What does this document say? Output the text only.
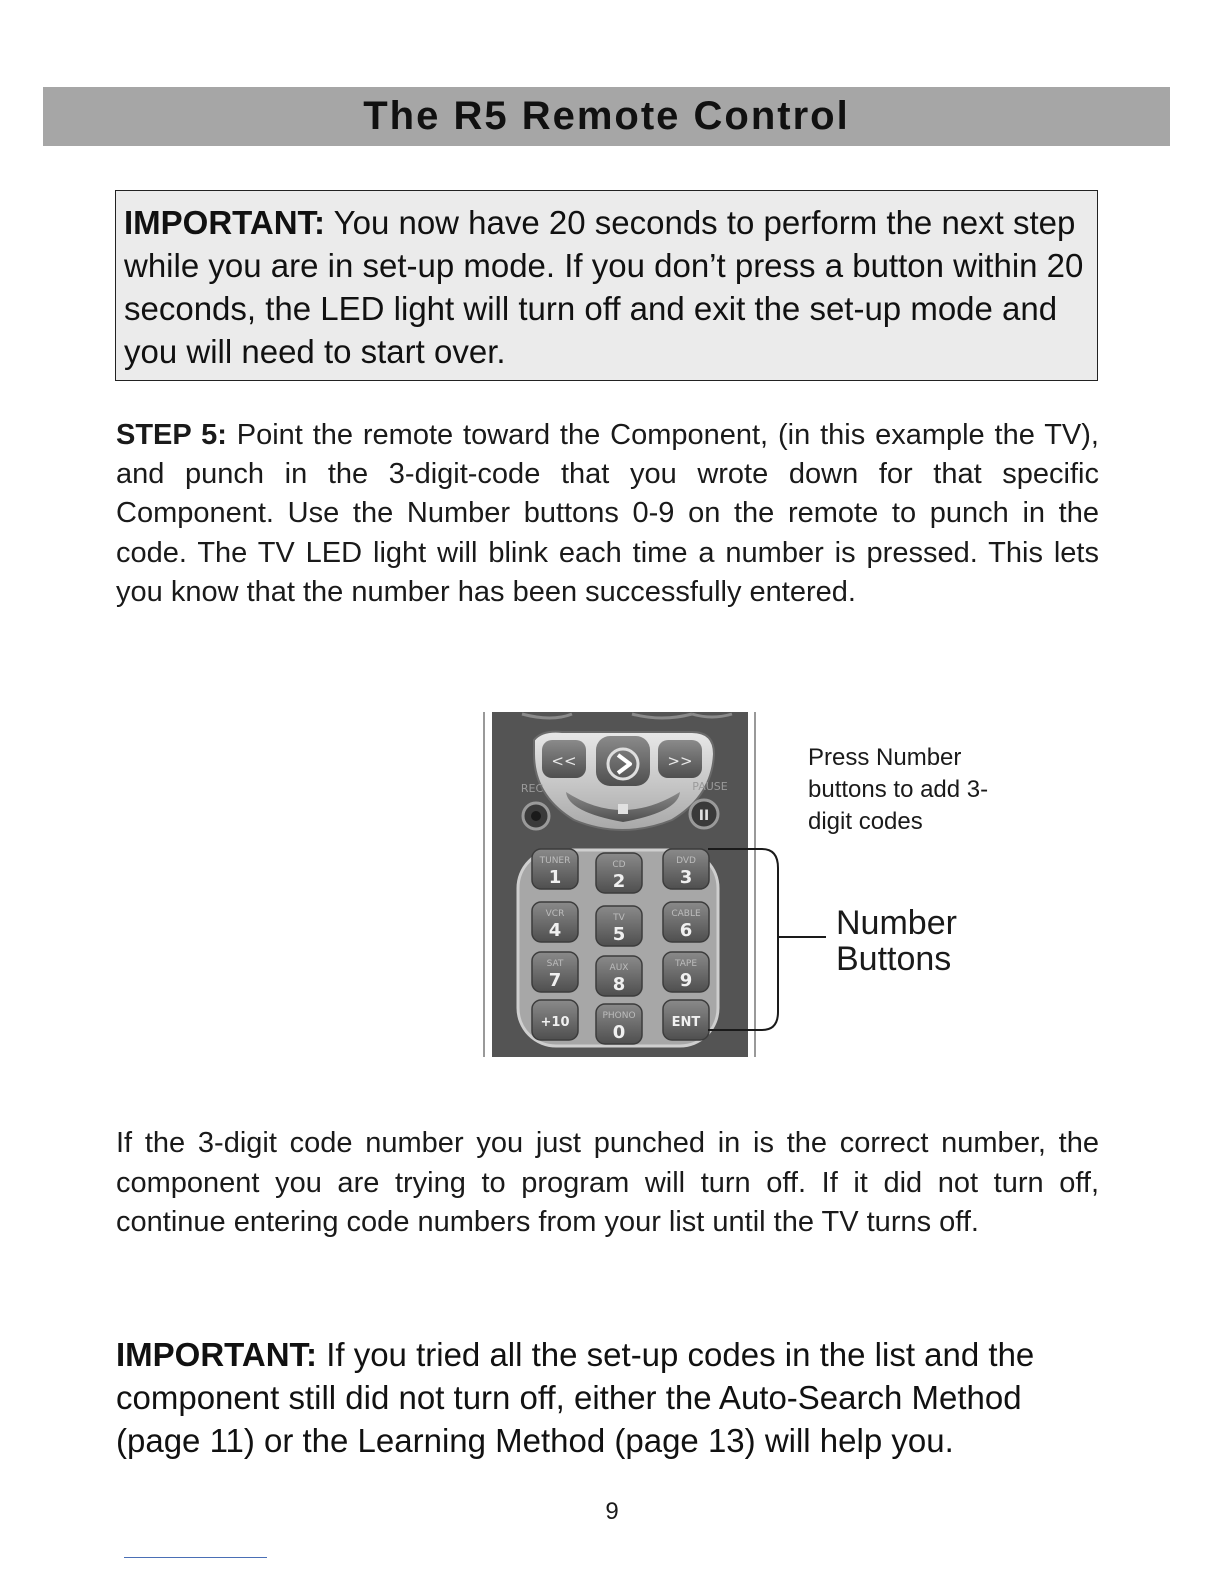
The R5 Remote Control
IMPORTANT: You now have 20 seconds to perform the next step while you are in set-up mode. If you don’t press a button within 20 seconds, the LED light will turn off and exit the set-up mode and you will need to start over.
STEP 5: Point the remote toward the Component, (in this example the TV), and punch in the 3-digit-code that you wrote down for that specific Component. Use the Number buttons 0-9 on the remote to punch in the code. The TV LED light will blink each time a number is pressed. This lets you know that the number has been successfully entered.
<<	>>
REC	PAUSE
II
TUNER
1
CD
2
DVD
3
VCR
4
TV
5
CABLE
6
SAT
7
AUX
8
TAPE
9
+10	PHONO
0	ENT
Press Number buttons to add 3-digit codes
Number Buttons
If the 3-digit code number you just punched in is the correct number, the component you are trying to program will turn off. If it did not turn off, continue entering code numbers from your list until the TV turns off.
IMPORTANT: If you tried all the set-up codes in the list and the component still did not turn off, either the Auto-Search Method (page 11) or the Learning Method (page 13) will help you.
9
